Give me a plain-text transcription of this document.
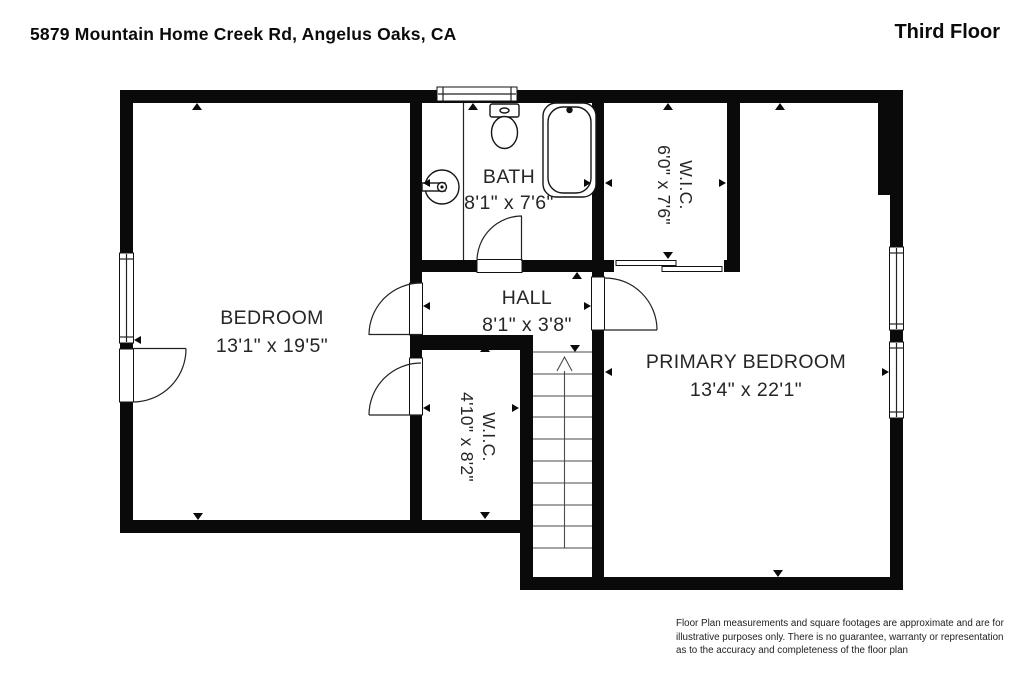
5879 Mountain Home Creek Rd, Angelus Oaks, CA	Third Floor
BEDROOM
13'1" x 19'5"
BATH
8'1" x 7'6"
HALL
8'1" x 3'8"
PRIMARY BEDROOM
13'4" x 22'1"
W.I.C.
6'0" x 7'6"
W.I.C.
4'10" x 8'2"
Floor Plan measurements and square footages are approximate and are for
illustrative purposes only. There is no guarantee, warranty or representation
as to the accuracy and completeness of the floor plan
